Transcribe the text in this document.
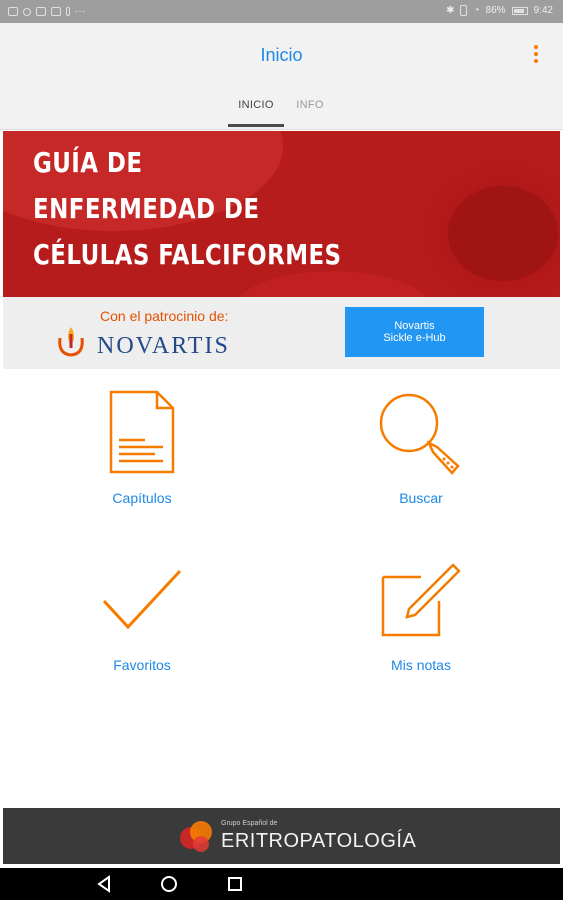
···	✱ ◔ 86%	9:42
Inicio
INICIO	INFO
GUÍA DE
ENFERMEDAD DE
CÉLULAS FALCIFORMES
Con el patrocinio de:
NOVARTIS
Novartis
Sickle e-Hub
Capítulos	Buscar
Favoritos	Mis notas
Grupo Español de
ERITROPATOLOGÍA
